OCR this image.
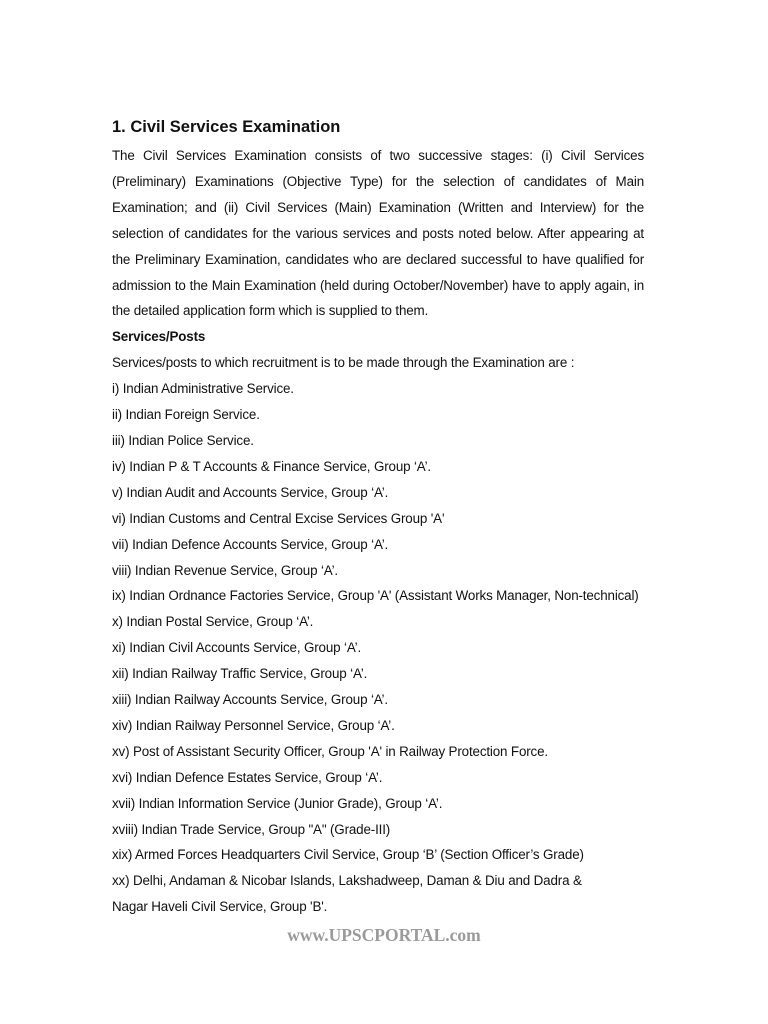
1. Civil Services Examination

The Civil Services Examination consists of two successive stages: (i) Civil Services (Preliminary) Examinations (Objective Type) for the selection of candidates of Main Examination; and (ii) Civil Services (Main) Examination (Written and Interview) for the selection of candidates for the various services and posts noted below. After appearing at the Preliminary Examination, candidates who are declared successful to have qualified for admission to the Main Examination (held during October/November) have to apply again, in the detailed application form which is supplied to them.

Services/Posts

Services/posts to which recruitment is to be made through the Examination are :

i) Indian Administrative Service.
ii) Indian Foreign Service.
iii) Indian Police Service.
iv) Indian P & T Accounts & Finance Service, Group ‘A’.
v) Indian Audit and Accounts Service, Group ‘A’.
vi) Indian Customs and Central Excise Services Group 'A'
vii) Indian Defence Accounts Service, Group ‘A’.
viii) Indian Revenue Service, Group ‘A’.
ix) Indian Ordnance Factories Service, Group 'A' (Assistant Works Manager, Non-technical)
x) Indian Postal Service, Group ‘A’.
xi) Indian Civil Accounts Service, Group ‘A’.
xii) Indian Railway Traffic Service, Group ‘A’.
xiii) Indian Railway Accounts Service, Group ‘A’.
xiv) Indian Railway Personnel Service, Group ‘A’.
xv) Post of Assistant Security Officer, Group 'A' in Railway Protection Force.
xvi) Indian Defence Estates Service, Group ‘A’.
xvii) Indian Information Service (Junior Grade), Group ‘A’.
xviii) Indian Trade Service, Group "A" (Grade-III)
xix) Armed Forces Headquarters Civil Service, Group ‘B’ (Section Officer’s Grade)
xx) Delhi, Andaman & Nicobar Islands, Lakshadweep, Daman & Diu and Dadra & Nagar Haveli Civil Service, Group 'B'.
www.UPSCPORTAL.com
